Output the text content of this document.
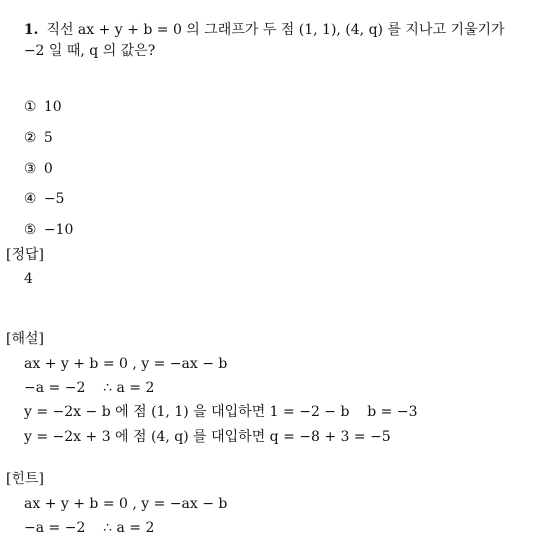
1. 직선 ax + y + b = 0 의 그래프가 두 점 (1, 1), (4, q) 를 지나고 기울기가

−2 일 때, q 의 값은?

① 10

② 5

③ 0

④ −5

⑤ −10

[정답]
4
[해설]
ax + y + b = 0 , y = −ax − b
−a = −2    ∴ a = 2
y = −2x − b 에 점 (1, 1) 을 대입하면 1 = −2 − b    b = −3
y = −2x + 3 에 점 (4, q) 를 대입하면 q = −8 + 3 = −5
[힌트]
ax + y + b = 0 , y = −ax − b
−a = −2    ∴ a = 2
